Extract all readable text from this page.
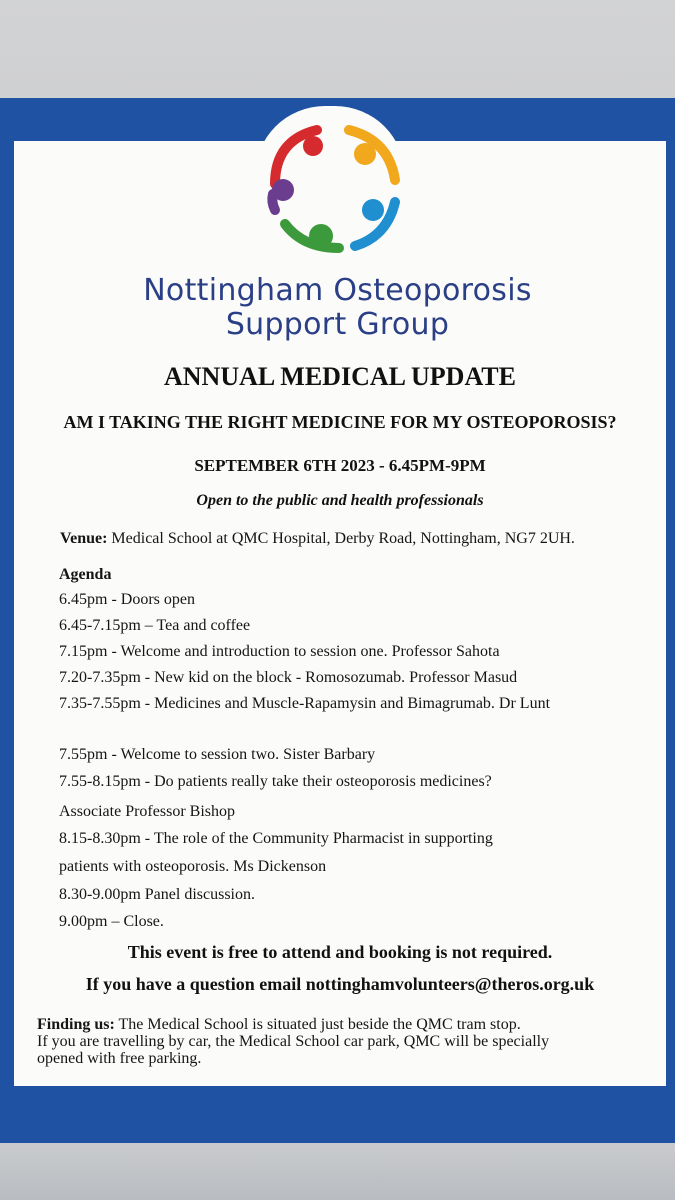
Nottingham Osteoporosis
Support Group
ANNUAL MEDICAL UPDATE
AM I TAKING THE RIGHT MEDICINE FOR MY OSTEOPOROSIS?
SEPTEMBER 6TH 2023 - 6.45PM-9PM
Open to the public and health professionals
Venue: Medical School at QMC Hospital, Derby Road, Nottingham, NG7 2UH.
Agenda
6.45pm - Doors open
6.45-7.15pm – Tea and coffee
7.15pm - Welcome and introduction to session one. Professor Sahota
7.20-7.35pm - New kid on the block - Romosozumab. Professor Masud
7.35-7.55pm - Medicines and Muscle-Rapamysin and Bimagrumab. Dr Lunt
7.55pm - Welcome to session two. Sister Barbary
7.55-8.15pm - Do patients really take their osteoporosis medicines?
Associate Professor Bishop
8.15-8.30pm - The role of the Community Pharmacist in supporting
patients with osteoporosis. Ms Dickenson
8.30-9.00pm Panel discussion.
9.00pm – Close.
This event is free to attend and booking is not required.
If you have a question email nottinghamvolunteers@theros.org.uk
Finding us: The Medical School is situated just beside the QMC tram stop.
If you are travelling by car, the Medical School car park, QMC will be specially
opened with free parking.
